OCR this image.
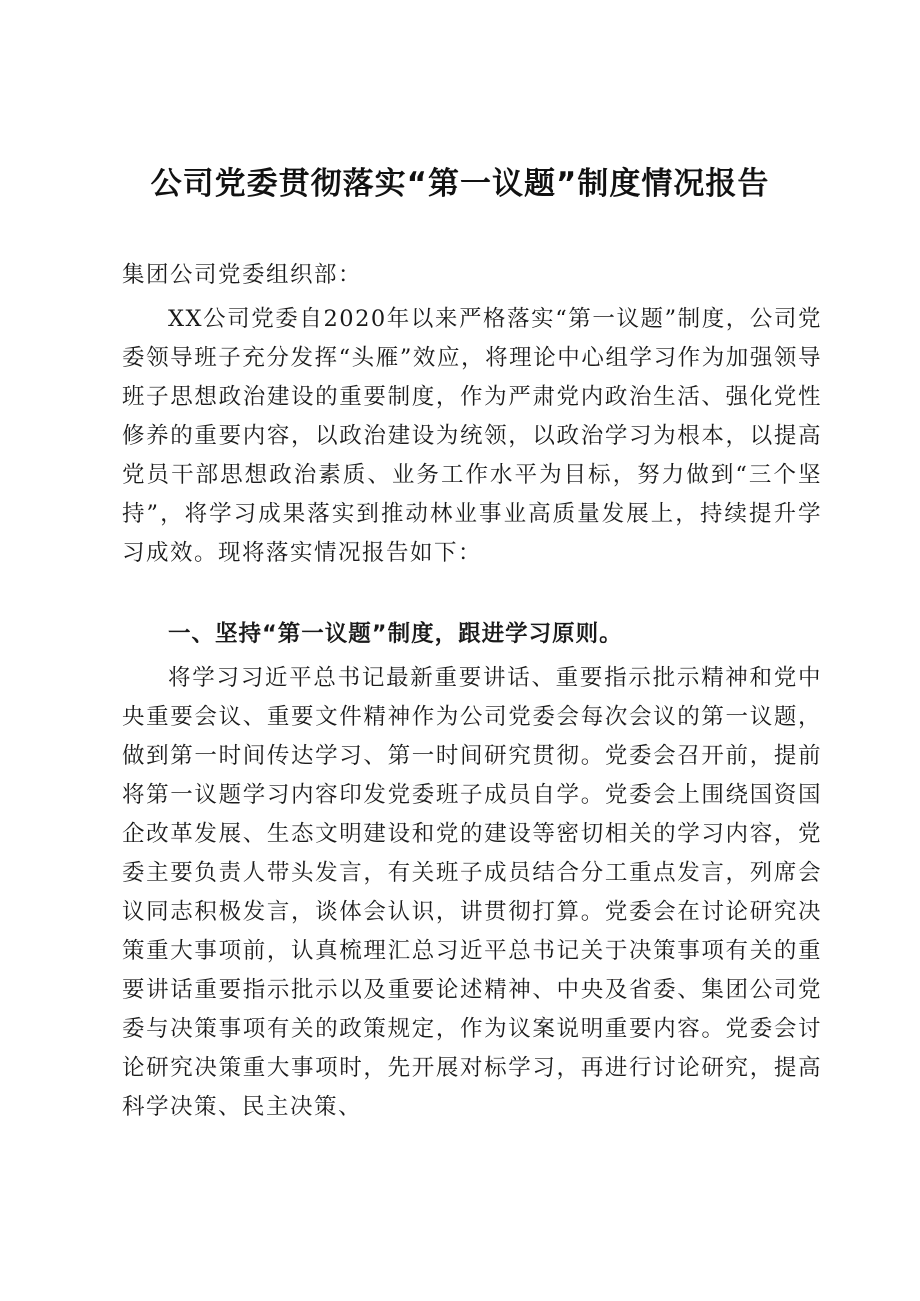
公司党委贯彻落实“第一议题”制度情况报告

集团公司党委组织部：

XX公司党委自2020年以来严格落实“第一议题”制度，公司党委领导班子充分发挥“头雁”效应，将理论中心组学习作为加强领导班子思想政治建设的重要制度，作为严肃党内政治生活、强化党性修养的重要内容，以政治建设为统领，以政治学习为根本，以提高党员干部思想政治素质、业务工作水平为目标，努力做到“三个坚持”，将学习成果落实到推动林业事业高质量发展上，持续提升学习成效。现将落实情况报告如下：

一、坚持“第一议题”制度，跟进学习原则。

将学习习近平总书记最新重要讲话、重要指示批示精神和党中央重要会议、重要文件精神作为公司党委会每次会议的第一议题，做到第一时间传达学习、第一时间研究贯彻。党委会召开前，提前将第一议题学习内容印发党委班子成员自学。党委会上围绕国资国企改革发展、生态文明建设和党的建设等密切相关的学习内容，党委主要负责人带头发言，有关班子成员结合分工重点发言，列席会议同志积极发言，谈体会认识，讲贯彻打算。党委会在讨论研究决策重大事项前，认真梳理汇总习近平总书记关于决策事项有关的重要讲话重要指示批示以及重要论述精神、中央及省委、集团公司党委与决策事项有关的政策规定，作为议案说明重要内容。党委会讨论研究决策重大事项时，先开展对标学习，再进行讨论研究，提高科学决策、民主决策、
